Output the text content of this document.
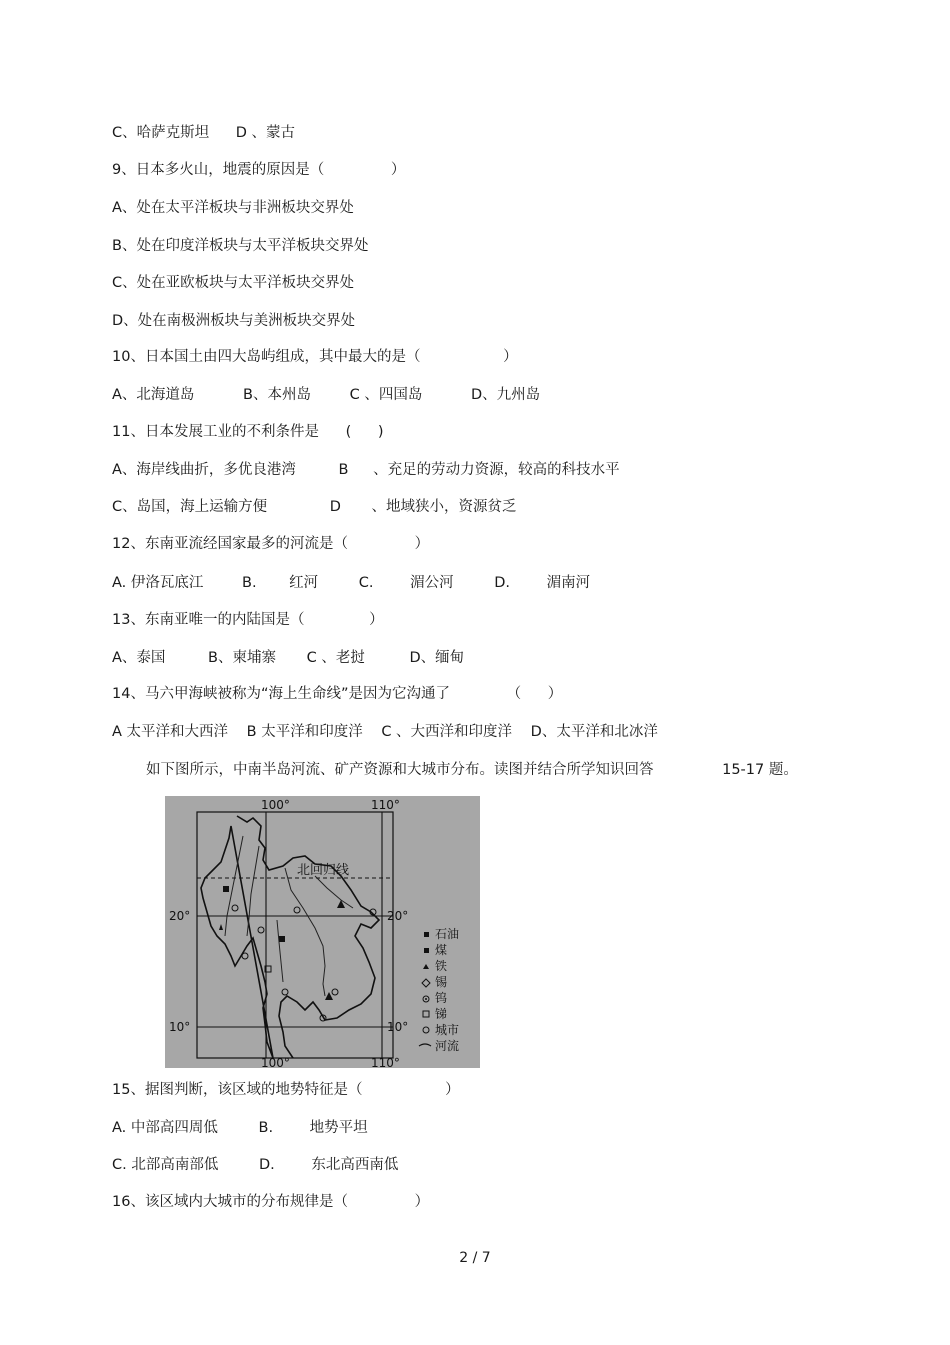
C、哈萨克斯坦 D 、蒙古
9、日本多火山，地震的原因是（	）
A、处在太平洋板块与非洲板块交界处
B、处在印度洋板块与太平洋板块交界处
C、处在亚欧板块与太平洋板块交界处
D、处在南极洲板块与美洲板块交界处
10、日本国土由四大岛屿组成，其中最大的是（	）
A、北海道岛	B、本州岛	C 、四国岛	D、九州岛
11、日本发展工业的不利条件是 ( )
A、海岸线曲折，多优良港湾	B 、充足的劳动力资源，较高的科技水平
C、岛国，海上运输方便	D 、地域狭小，资源贫乏
12、东南亚流经国家最多的河流是（	）
A. 伊洛瓦底江	B. 红河	C.	湄公河	D.	湄南河
13、东南亚唯一的内陆国是（	）
A、泰国	B、柬埔寨 C 、老挝	D、缅甸
14、马六甲海峡被称为“海上生命线”是因为它沟通了	（ ）
A 太平洋和大西洋 B 太平洋和印度洋 C 、大西洋和印度洋 D、太平洋和北冰洋
如下图所示，中南半岛河流、矿产资源和大城市分布。读图并结合所学知识回答	15-17 题。
100°	110°
100°	110°
20°	20°
10°	10°
北回归线
石油
煤
铁
锡
钨
锑
城市
河流
15、据图判断，该区域的地势特征是（	）
A. 中部高四周低	B.	地势平坦
C. 北部高南部低	D.	东北高西南低
16、该区域内大城市的分布规律是（	）
2 / 7
